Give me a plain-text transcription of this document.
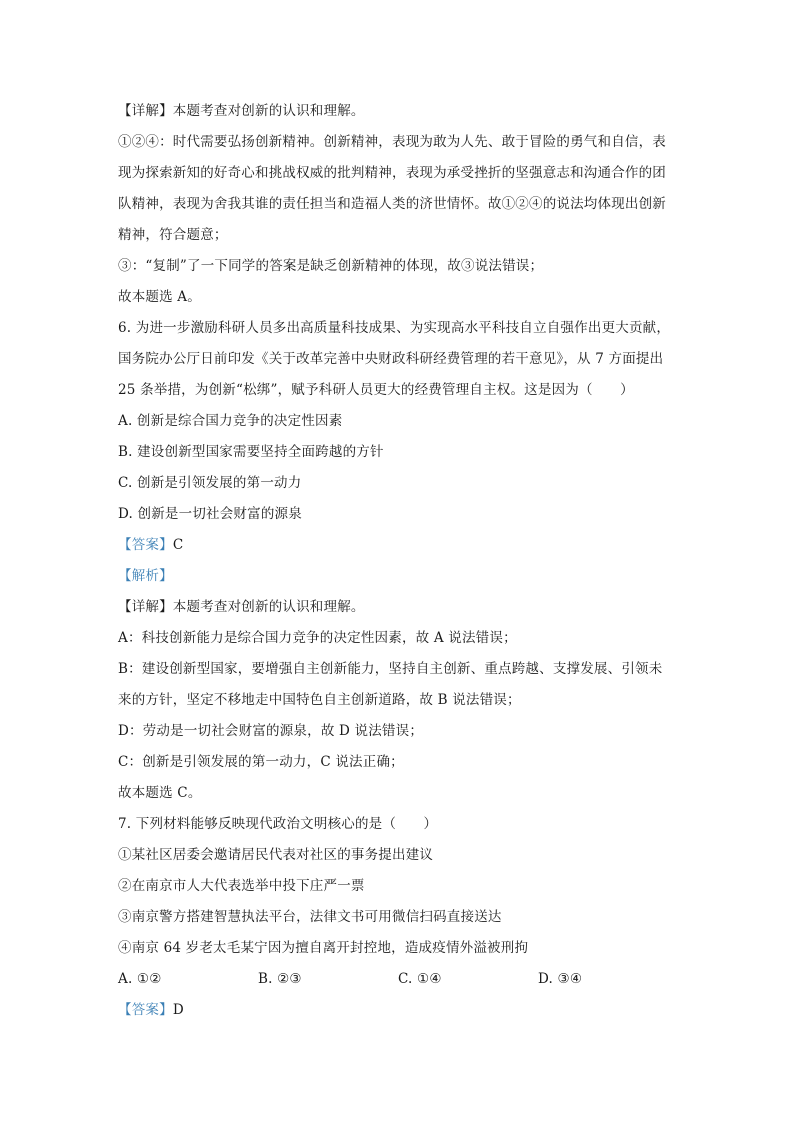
【详解】本题考查对创新的认识和理解。
①②④：时代需要弘扬创新精神。创新精神，表现为敢为人先、敢于冒险的勇气和自信，表
现为探索新知的好奇心和挑战权威的批判精神，表现为承受挫折的坚强意志和沟通合作的团
队精神，表现为舍我其谁的责任担当和造福人类的济世情怀。故①②④的说法均体现出创新
精神，符合题意；
③：“复制”了一下同学的答案是缺乏创新精神的体现，故③说法错误；
故本题选 A。
6. 为进一步激励科研人员多出高质量科技成果、为实现高水平科技自立自强作出更大贡献，
国务院办公厅日前印发《关于改革完善中央财政科研经费管理的若干意见》，从 7 方面提出
25 条举措，为创新“松绑”，赋予科研人员更大的经费管理自主权。这是因为（　　）
A. 创新是综合国力竞争的决定性因素
B. 建设创新型国家需要坚持全面跨越的方针
C. 创新是引领发展的第一动力
D. 创新是一切社会财富的源泉
【答案】C
【解析】
【详解】本题考查对创新的认识和理解。
A：科技创新能力是综合国力竞争的决定性因素，故 A 说法错误；
B：建设创新型国家，要增强自主创新能力，坚持自主创新、重点跨越、支撑发展、引领未
来的方针，坚定不移地走中国特色自主创新道路，故 B 说法错误；
D：劳动是一切社会财富的源泉，故 D 说法错误；
C：创新是引领发展的第一动力，C 说法正确；
故本题选 C。
7. 下列材料能够反映现代政治文明核心的是（　　）
①某社区居委会邀请居民代表对社区的事务提出建议
②在南京市人大代表选举中投下庄严一票
③南京警方搭建智慧执法平台，法律文书可用微信扫码直接送达
④南京 64 岁老太毛某宁因为擅自离开封控地，造成疫情外溢被刑拘
A. ①②	B. ②③	C. ①④	D. ③④
【答案】D
